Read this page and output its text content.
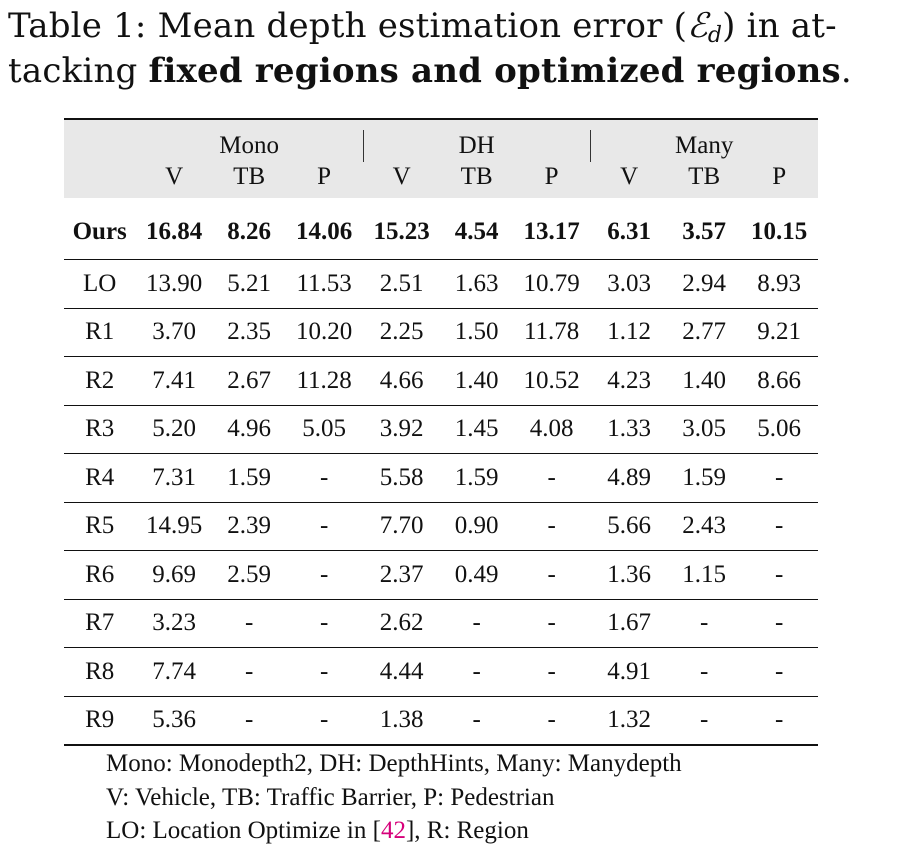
Table 1: Mean depth estimation error (ℰ$_d$) in at-tacking fixed regions and optimized regions.
	Mono			DH			Many		
	V	TB	P	V	TB	P	V	TB	P
Ours	16.84	8.26	14.06	15.23	4.54	13.17	6.31	3.57	10.15
LO	13.90	5.21	11.53	2.51	1.63	10.79	3.03	2.94	8.93
R1	3.70	2.35	10.20	2.25	1.50	11.78	1.12	2.77	9.21
R2	7.41	2.67	11.28	4.66	1.40	10.52	4.23	1.40	8.66
R3	5.20	4.96	5.05	3.92	1.45	4.08	1.33	3.05	5.06
R4	7.31	1.59	-	5.58	1.59	-	4.89	1.59	-
R5	14.95	2.39	-	7.70	0.90	-	5.66	2.43	-
R6	9.69	2.59	-	2.37	0.49	-	1.36	1.15	-
R7	3.23	-	-	2.62	-	-	1.67	-	-
R8	7.74	-	-	4.44	-	-	4.91	-	-
R9	5.36	-	-	1.38	-	-	1.32	-	-
Mono: Monodepth2, DH: DepthHints, Many: Manydepth
V: Vehicle, TB: Traffic Barrier, P: Pedestrian
LO: Location Optimize in [42], R: Region
